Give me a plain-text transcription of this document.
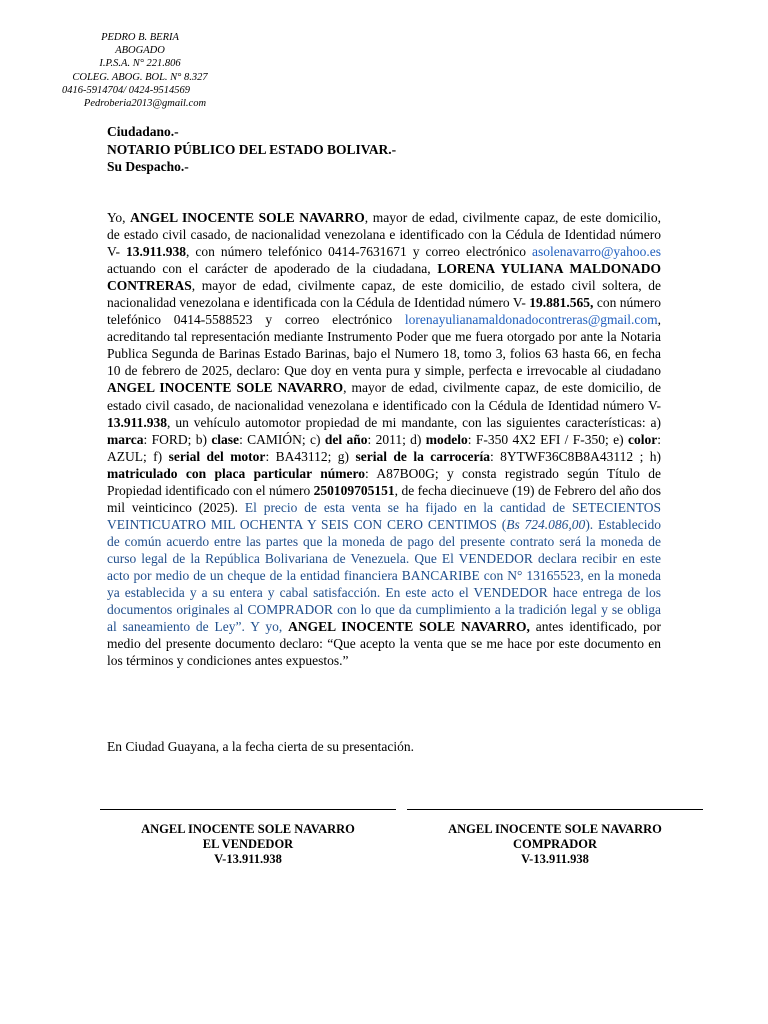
PEDRO B. BERIA
ABOGADO
I.P.S.A. N° 221.806
COLEG. ABOG. BOL. N° 8.327
0416-5914704/ 0424-9514569
Pedroberia2013@gmail.com
Ciudadano.-
NOTARIO PÚBLICO DEL ESTADO BOLIVAR.-
Su Despacho.-

Yo, ANGEL INOCENTE SOLE NAVARRO, mayor de edad, civilmente capaz, de este domicilio, de estado civil casado, de nacionalidad venezolana e identificado con la Cédula de Identidad número V- 13.911.938, con número telefónico 0414-7631671 y correo electrónico asolenavarro@yahoo.es actuando con el carácter de apoderado de la ciudadana, LORENA YULIANA MALDONADO CONTRERAS, mayor de edad, civilmente capaz, de este domicilio, de estado civil soltera, de nacionalidad venezolana e identificada con la Cédula de Identidad número V- 19.881.565, con número telefónico 0414-5588523 y correo electrónico lorenayulianamaldonadocontreras@gmail.com, acreditando tal representación mediante Instrumento Poder que me fuera otorgado por ante la Notaria Publica Segunda de Barinas Estado Barinas, bajo el Numero 18, tomo 3, folios 63 hasta 66, en fecha 10 de febrero de 2025, declaro: Que doy en venta pura y simple, perfecta e irrevocable al ciudadano ANGEL INOCENTE SOLE NAVARRO, mayor de edad, civilmente capaz, de este domicilio, de estado civil casado, de nacionalidad venezolana e identificado con la Cédula de Identidad número V- 13.911.938, un vehículo automotor propiedad de mi mandante, con las siguientes características: a) marca: FORD; b) clase: CAMIÓN; c) del año: 2011; d) modelo: F-350 4X2 EFI / F-350; e) color: AZUL; f) serial del motor: BA43112; g) serial de la carrocería: 8YTWF36C8B8A43112 ; h) matriculado con placa particular número: A87BO0G; y consta registrado según Título de Propiedad identificado con el número 250109705151, de fecha diecinueve (19) de Febrero del año dos mil veinticinco (2025). El precio de esta venta se ha fijado en la cantidad de SETECIENTOS VEINTICUATRO MIL OCHENTA Y SEIS CON CERO CENTIMOS (Bs 724.086,00). Establecido de común acuerdo entre las partes que la moneda de pago del presente contrato será la moneda de curso legal de la República Bolivariana de Venezuela. Que El VENDEDOR declara recibir en este acto por medio de un cheque de la entidad financiera BANCARIBE con N° 13165523, en la moneda ya establecida y a su entera y cabal satisfacción. En este acto el VENDEDOR hace entrega de los documentos originales al COMPRADOR con lo que da cumplimiento a la tradición legal y se obliga al saneamiento de Ley”. Y yo, ANGEL INOCENTE SOLE NAVARRO, antes identificado, por medio del presente documento declaro: “Que acepto la venta que se me hace por este documento en los términos y condiciones antes expuestos.”

En Ciudad Guayana, a la fecha cierta de su presentación.
ANGEL INOCENTE SOLE NAVARRO
EL VENDEDOR
V-13.911.938
ANGEL INOCENTE SOLE NAVARRO
COMPRADOR
V-13.911.938
